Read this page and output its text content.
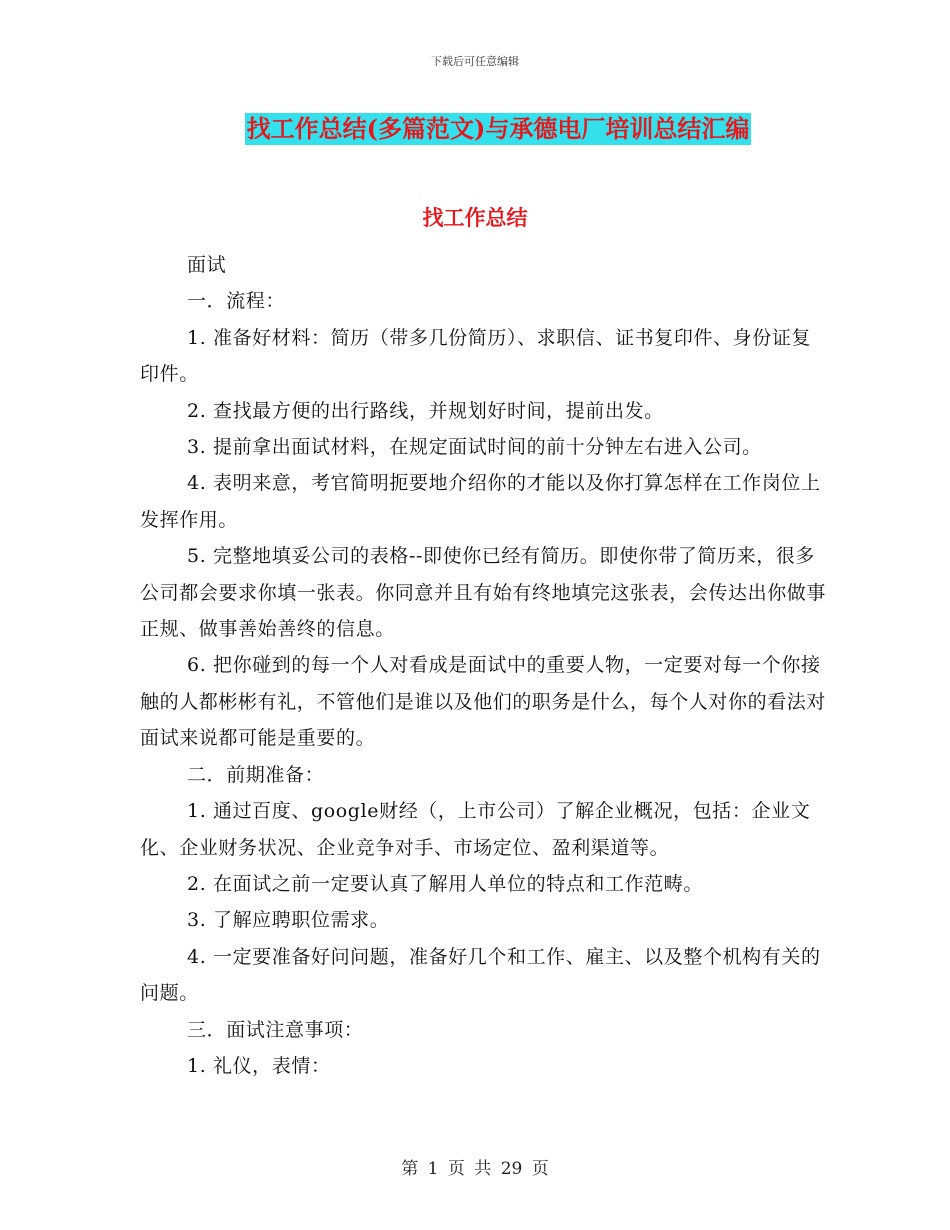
下载后可任意编辑
找工作总结(多篇范文)与承德电厂培训总结汇编
找工作总结

面试

一．流程：

1. 准备好材料：简历（带多几份简历）、求职信、证书复印件、身份证复印件。

2. 查找最方便的出行路线，并规划好时间，提前出发。

3. 提前拿出面试材料，在规定面试时间的前十分钟左右进入公司。

4. 表明来意，考官简明扼要地介绍你的才能以及你打算怎样在工作岗位上发挥作用。

5. 完整地填妥公司的表格--即使你已经有简历。即使你带了简历来，很多公司都会要求你填一张表。你同意并且有始有终地填完这张表，会传达出你做事正规、做事善始善终的信息。

6. 把你碰到的每一个人对看成是面试中的重要人物，一定要对每一个你接触的人都彬彬有礼，不管他们是谁以及他们的职务是什么，每个人对你的看法对面试来说都可能是重要的。

二．前期准备：

1. 通过百度、google财经（，上市公司）了解企业概况，包括：企业文化、企业财务状况、企业竞争对手、市场定位、盈利渠道等。

2. 在面试之前一定要认真了解用人单位的特点和工作范畴。

3. 了解应聘职位需求。

4. 一定要准备好问问题，准备好几个和工作、雇主、以及整个机构有关的问题。

三．面试注意事项：

1. 礼仪，表情：

第 1 页 共 29 页
